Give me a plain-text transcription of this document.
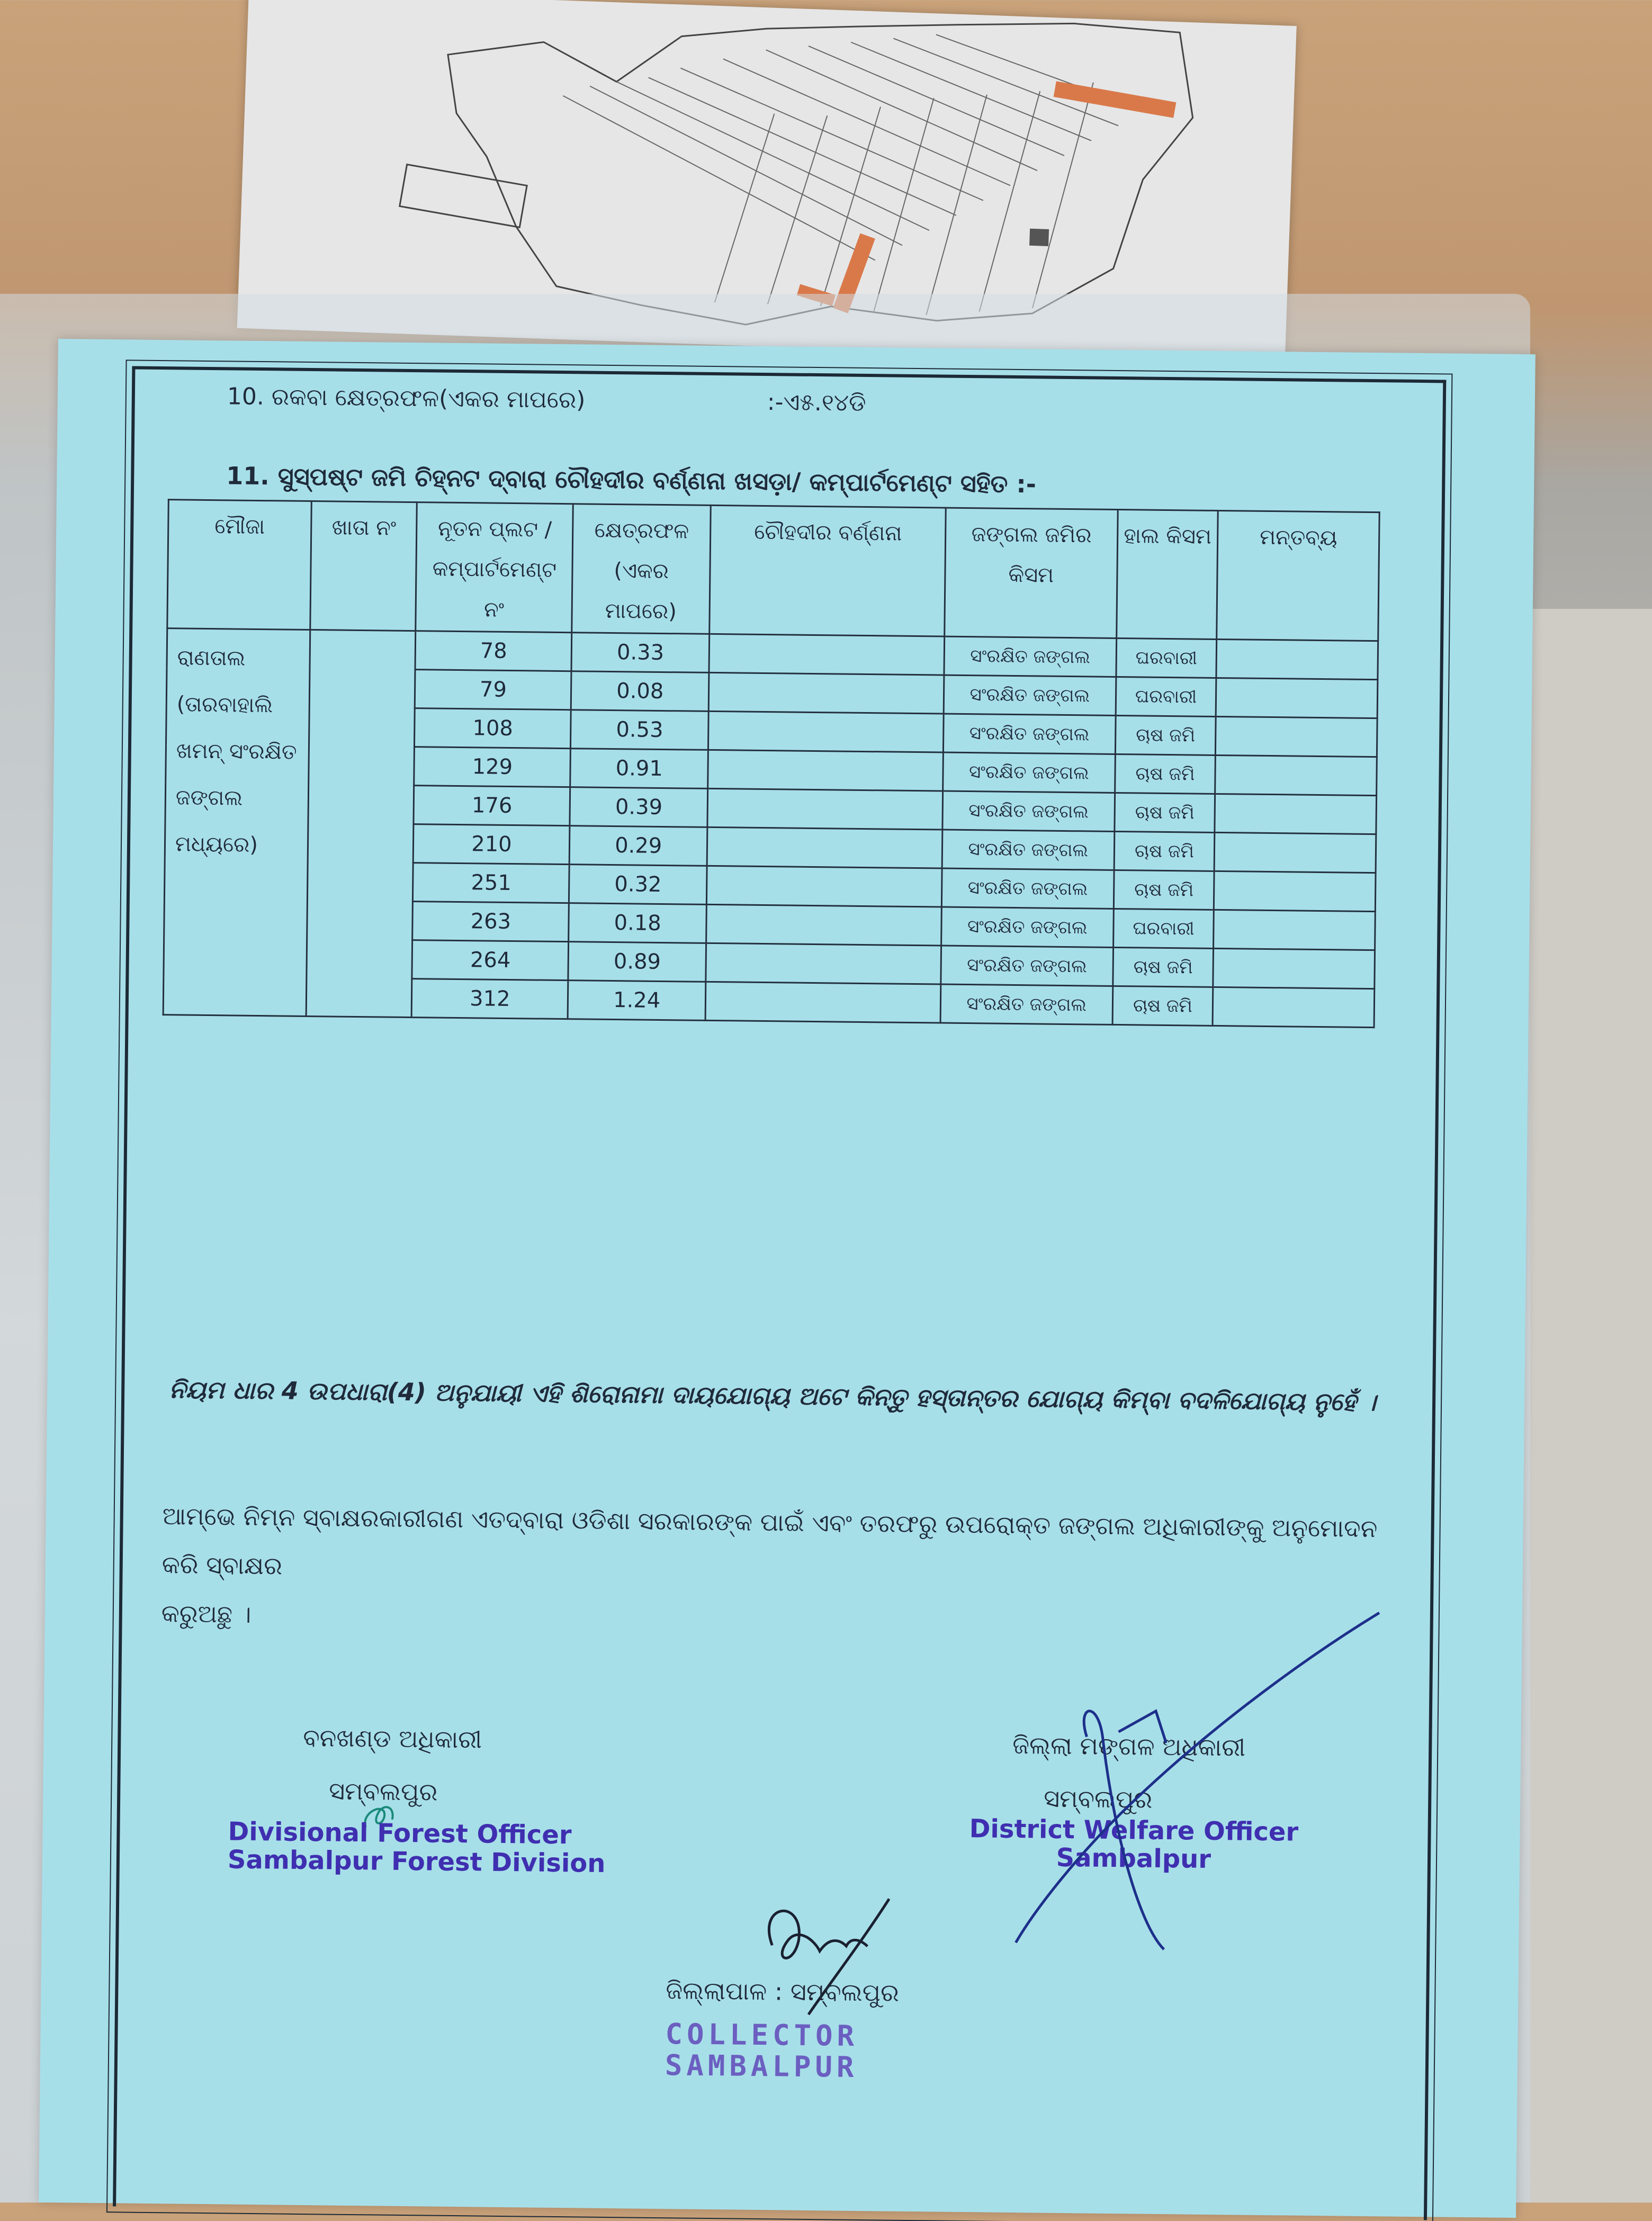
10. ରକବା କ୍ଷେତ୍ରଫଳ(ଏକର ମାପରେ)	:-ଏ୫.୧୪ଡି
11. ସୁସ୍ପଷ୍ଟ ଜମି ଚିହ୍ନଟ ଦ୍ବାରା ଚୌହଦୀର ବର୍ଣ୍ଣନା ଖସଡ଼ା/ କମ୍ପାର୍ଟମେଣ୍ଟ ସହିତ :-
ମୌଜା	ଖାତା ନଂ	ନୂତନ ପ୍ଲଟ / କମ୍ପାର୍ଟମେଣ୍ଟ ନଂ	କ୍ଷେତ୍ରଫଳ (ଏକର ମାପରେ)	ଚୌହଦୀର ବର୍ଣ୍ଣନା	ଜଙ୍ଗଲ ଜମିର କିସମ	ହାଲ କିସମ	ମନ୍ତବ୍ୟ

ରାଣତାଲ
(ତାରବାହାଲି
ଖମନ୍ ସଂରକ୍ଷିତ
ଜଙ୍ଗଲ ମଧ୍ୟରେ)		78	0.33		ସଂରକ୍ଷିତ ଜଙ୍ଗଲ	ଘରବାରୀ	
		79	0.08		ସଂରକ୍ଷିତ ଜଙ୍ଗଲ	ଘରବାରୀ	
		108	0.53		ସଂରକ୍ଷିତ ଜଙ୍ଗଲ	ଚାଷ ଜମି	
		129	0.91		ସଂରକ୍ଷିତ ଜଙ୍ଗଲ	ଚାଷ ଜମି	
		176	0.39		ସଂରକ୍ଷିତ ଜଙ୍ଗଲ	ଚାଷ ଜମି	
		210	0.29		ସଂରକ୍ଷିତ ଜଙ୍ଗଲ	ଚାଷ ଜମି	
		251	0.32		ସଂରକ୍ଷିତ ଜଙ୍ଗଲ	ଚାଷ ଜମି	
		263	0.18		ସଂରକ୍ଷିତ ଜଙ୍ଗଲ	ଘରବାରୀ	
		264	0.89		ସଂରକ୍ଷିତ ଜଙ୍ଗଲ	ଚାଷ ଜମି	
		312	1.24		ସଂରକ୍ଷିତ ଜଙ୍ଗଲ	ଚାଷ ଜମି	
ନିୟମ ଧାର 4 ଉପଧାରା(4) ଅନୁଯାୟୀ ଏହି ଶିରୋନାମା ଦାୟଯୋଗ୍ୟ ଅଟେ କିନ୍ତୁ ହସ୍ତାନ୍ତର ଯୋଗ୍ୟ କିମ୍ବା ବଦଳିଯୋଗ୍ୟ ନୁହେଁ ।
ଆମ୍ଭେ ନିମ୍ନ ସ୍ବାକ୍ଷରକାରୀଗଣ ଏତଦ୍ବାରା ଓଡିଶା ସରକାରଙ୍କ ପାଇଁ ଏବଂ ତରଫରୁ ଉପରୋକ୍ତ ଜଙ୍ଗଲ ଅଧିକାରୀଙ୍କୁ ଅନୁମୋଦନ କରି ସ୍ବାକ୍ଷର
କରୁଅଛୁ ।
ବନଖଣ୍ଡ ଅଧିକାରୀ
ସମ୍ବଲପୁର
Divisional Forest Officer
Sambalpur Forest Division
ଜିଲ୍ଲା ମଙ୍ଗଳ ଅଧିକାରୀ
ସମ୍ବଲପୁର
District Welfare Officer
Sambalpur
ଜିଲ୍ଲାପାଳ : ସମ୍ବଲପୁର
COLLECTOR
SAMBALPUR
